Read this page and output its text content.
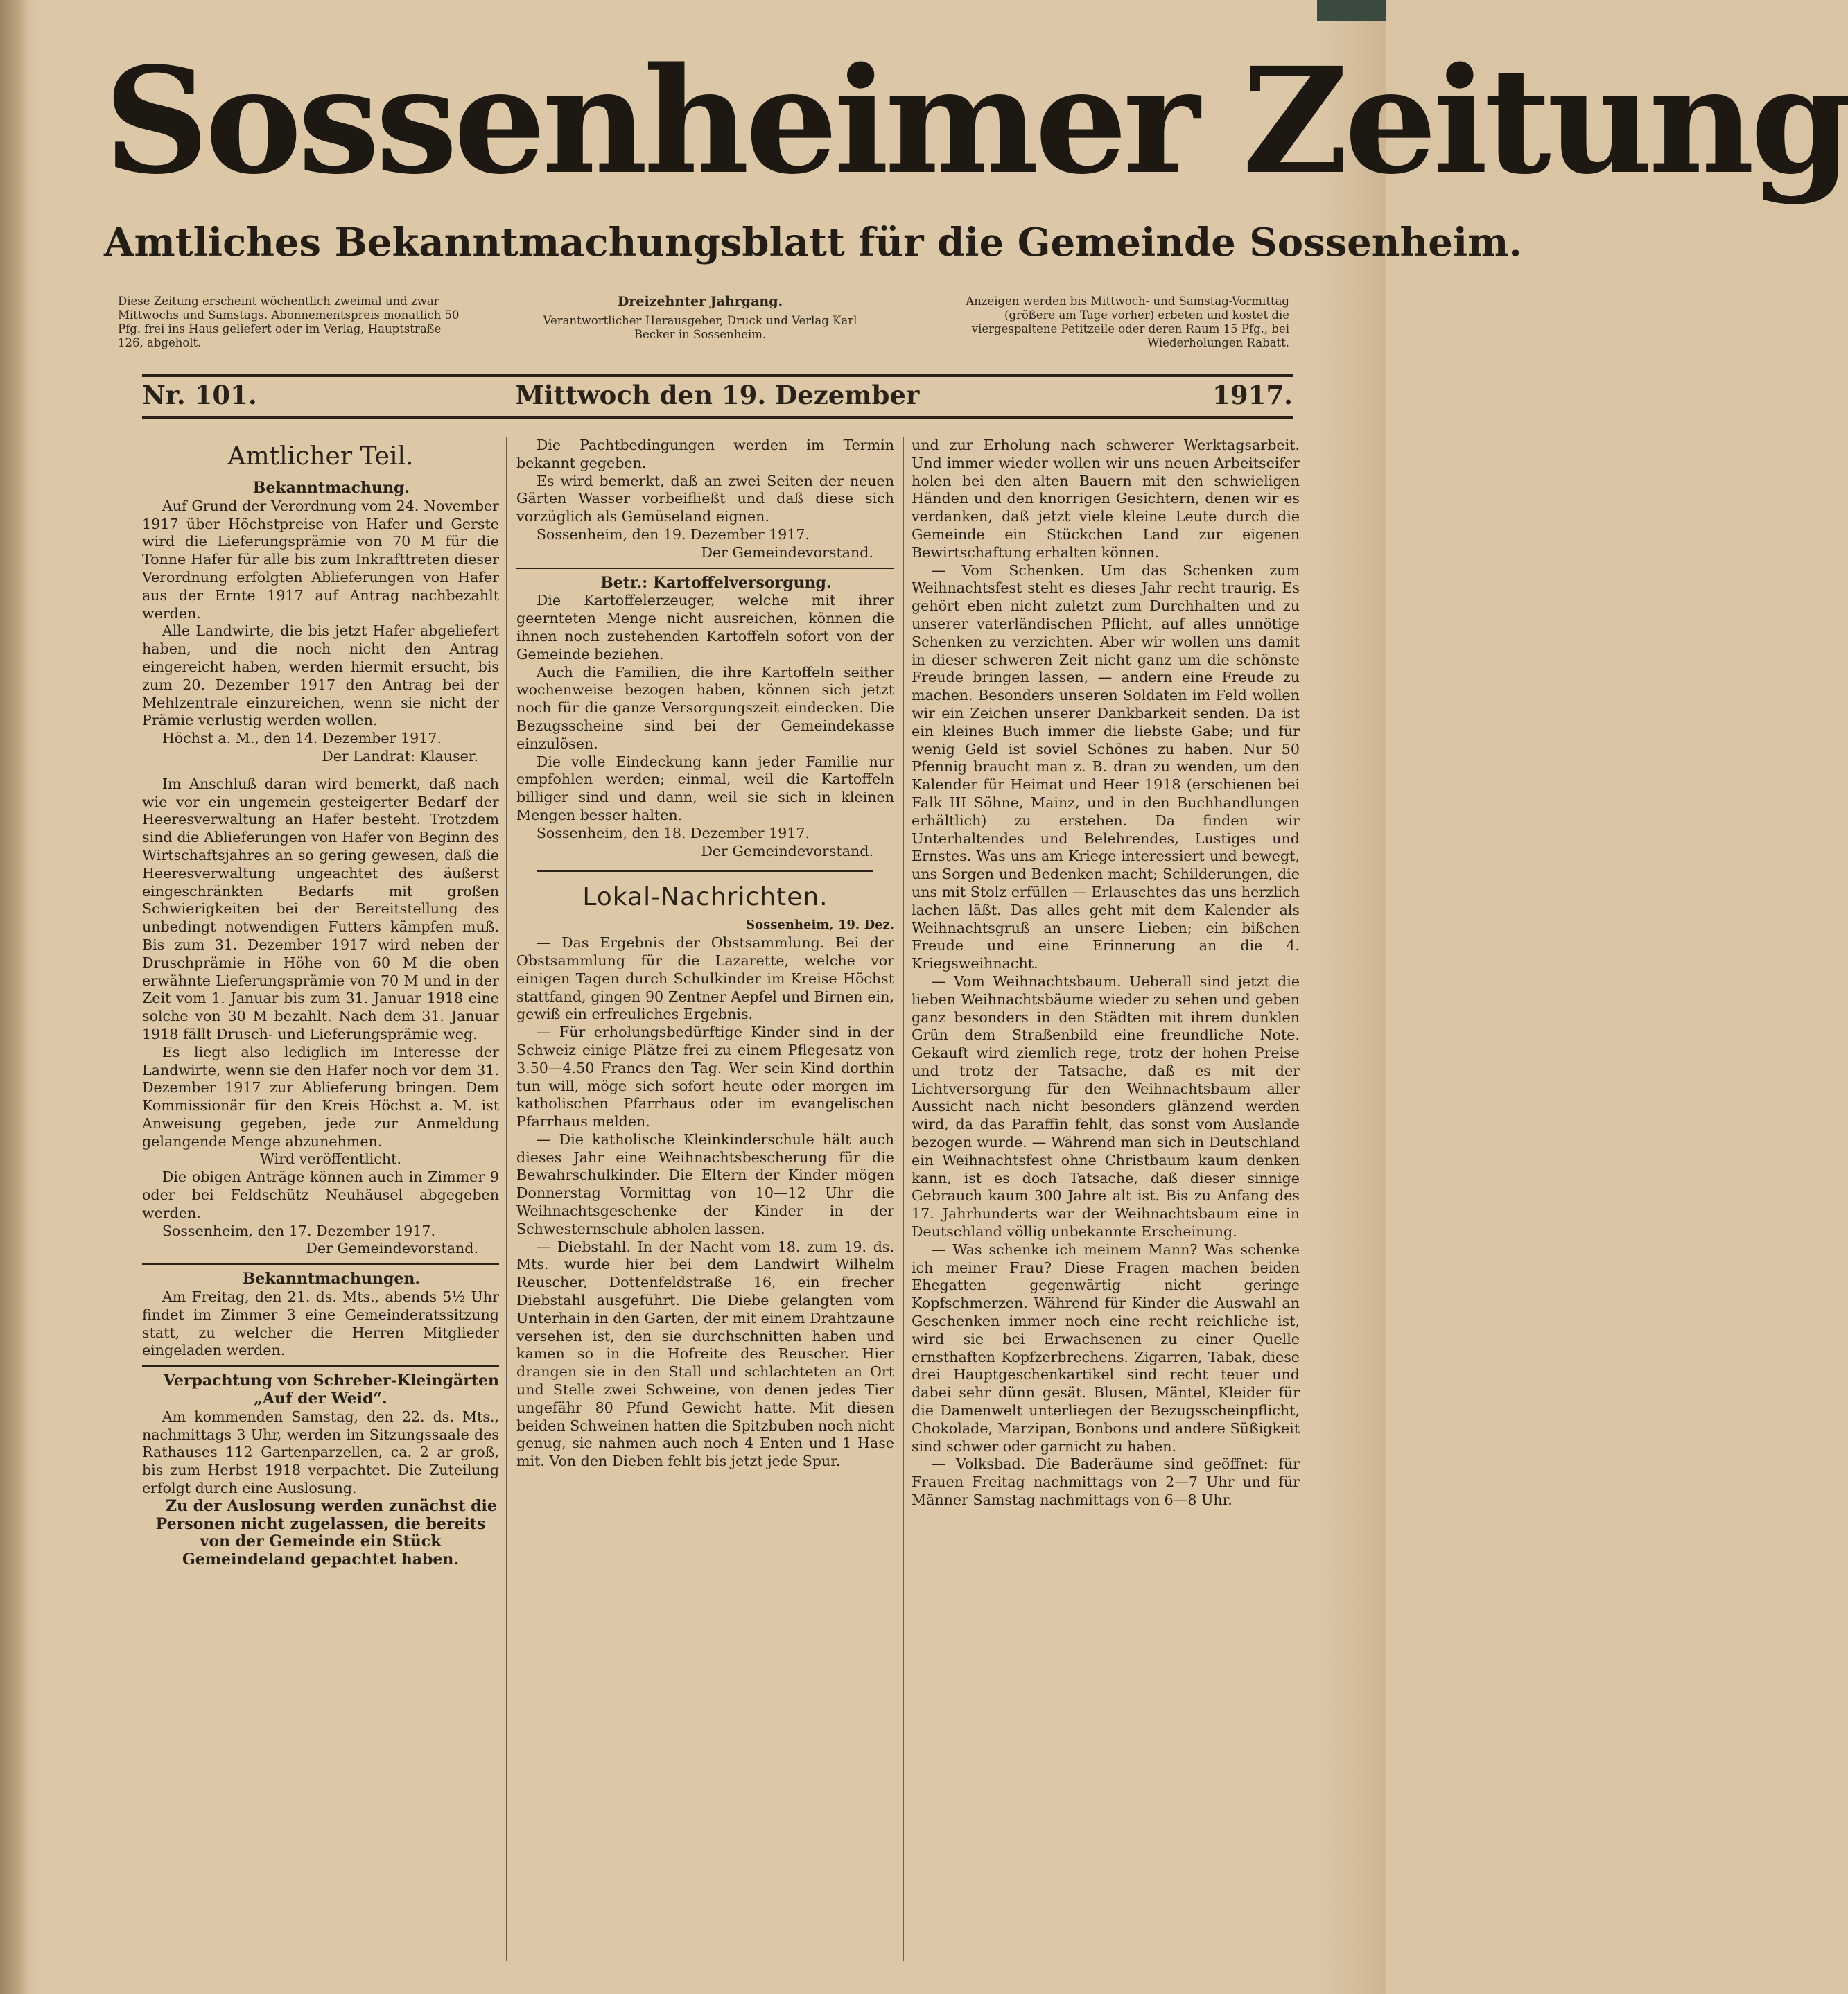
Sossenheimer Zeitung
Amtliches Bekanntmachungsblatt für die Gemeinde Sossenheim.
Diese Zeitung erscheint wöchentlich zweimal und zwar Mittwochs und Samstags. Abonnementspreis monatlich 50 Pfg. frei ins Haus geliefert oder im Verlag, Hauptstraße 126, abgeholt.
Dreizehnter Jahrgang.
Verantwortlicher Herausgeber, Druck und Verlag Karl Becker in Sossenheim.
Anzeigen werden bis Mittwoch- und Samstag-Vormittag (größere am Tage vorher) erbeten und kostet die viergespaltene Petitzeile oder deren Raum 15 Pfg., bei Wiederholungen Rabatt.
Nr. 101.	Mittwoch den 19. Dezember	1917.
Amtlicher Teil.

Bekanntmachung.

Auf Grund der Verordnung vom 24. November 1917 über Höchstpreise von Hafer und Gerste wird die Lieferungsprämie von 70 M für die Tonne Hafer für alle bis zum Inkrafttreten dieser Verordnung erfolgten Ablieferungen von Hafer aus der Ernte 1917 auf Antrag nachbezahlt werden.

Alle Landwirte, die bis jetzt Hafer abgeliefert haben, und die noch nicht den Antrag eingereicht haben, werden hiermit ersucht, bis zum 20. Dezember 1917 den Antrag bei der Mehlzentrale einzureichen, wenn sie nicht der Prämie verlustig werden wollen.

Höchst a. M., den 14. Dezember 1917.

Der Landrat: Klauser.

Im Anschluß daran wird bemerkt, daß nach wie vor ein ungemein gesteigerter Bedarf der Heeresverwaltung an Hafer besteht. Trotzdem sind die Ablieferungen von Hafer von Beginn des Wirtschaftsjahres an so gering gewesen, daß die Heeresverwaltung ungeachtet des äußerst eingeschränkten Bedarfs mit großen Schwierigkeiten bei der Bereitstellung des unbedingt notwendigen Futters kämpfen muß. Bis zum 31. Dezember 1917 wird neben der Druschprämie in Höhe von 60 M die oben erwähnte Lieferungsprämie von 70 M und in der Zeit vom 1. Januar bis zum 31. Januar 1918 eine solche von 30 M bezahlt. Nach dem 31. Januar 1918 fällt Drusch- und Lieferungsprämie weg.

Es liegt also lediglich im Interesse der Landwirte, wenn sie den Hafer noch vor dem 31. Dezember 1917 zur Ablieferung bringen. Dem Kommissionär für den Kreis Höchst a. M. ist Anweisung gegeben, jede zur Anmeldung gelangende Menge abzunehmen.

Wird veröffentlicht.

Die obigen Anträge können auch in Zimmer 9 oder bei Feldschütz Neuhäusel abgegeben werden.

Sossenheim, den 17. Dezember 1917.

Der Gemeindevorstand.

Bekanntmachungen.

Am Freitag, den 21. ds. Mts., abends 5½ Uhr findet im Zimmer 3 eine Gemeinderatssitzung statt, zu welcher die Herren Mitglieder eingeladen werden.

Verpachtung von Schreber-Kleingärten „Auf der Weid“.

Am kommenden Samstag, den 22. ds. Mts., nachmittags 3 Uhr, werden im Sitzungssaale des Rathauses 112 Gartenparzellen, ca. 2 ar groß, bis zum Herbst 1918 verpachtet. Die Zuteilung erfolgt durch eine Auslosung.

Zu der Auslosung werden zunächst die Personen nicht zugelassen, die bereits von der Gemeinde ein Stück Gemeindeland gepachtet haben.

Die Pachtbedingungen werden im Termin bekannt gegeben.

Es wird bemerkt, daß an zwei Seiten der neuen Gärten Wasser vorbeifließt und daß diese sich vorzüglich als Gemüseland eignen.

Sossenheim, den 19. Dezember 1917.

Der Gemeindevorstand.

Betr.: Kartoffelversorgung.

Die Kartoffelerzeuger, welche mit ihrer geernteten Menge nicht ausreichen, können die ihnen noch zustehenden Kartoffeln sofort von der Gemeinde beziehen.

Auch die Familien, die ihre Kartoffeln seither wochenweise bezogen haben, können sich jetzt noch für die ganze Versorgungszeit eindecken. Die Bezugsscheine sind bei der Gemeindekasse einzulösen.

Die volle Eindeckung kann jeder Familie nur empfohlen werden; einmal, weil die Kartoffeln billiger sind und dann, weil sie sich in kleinen Mengen besser halten.

Sossenheim, den 18. Dezember 1917.

Der Gemeindevorstand.

Lokal-Nachrichten.

Sossenheim, 19. Dez.

— Das Ergebnis der Obstsammlung. Bei der Obstsammlung für die Lazarette, welche vor einigen Tagen durch Schulkinder im Kreise Höchst stattfand, gingen 90 Zentner Aepfel und Birnen ein, gewiß ein erfreuliches Ergebnis.

— Für erholungsbedürftige Kinder sind in der Schweiz einige Plätze frei zu einem Pflegesatz von 3.50—4.50 Francs den Tag. Wer sein Kind dorthin tun will, möge sich sofort heute oder morgen im katholischen Pfarrhaus oder im evangelischen Pfarrhaus melden.

— Die katholische Kleinkinderschule hält auch dieses Jahr eine Weihnachtsbescherung für die Bewahrschulkinder. Die Eltern der Kinder mögen Donnerstag Vormittag von 10—12 Uhr die Weihnachtsgeschenke der Kinder in der Schwesternschule abholen lassen.

— Diebstahl. In der Nacht vom 18. zum 19. ds. Mts. wurde hier bei dem Landwirt Wilhelm Reuscher, Dottenfeldstraße 16, ein frecher Diebstahl ausgeführt. Die Diebe gelangten vom Unterhain in den Garten, der mit einem Drahtzaune versehen ist, den sie durchschnitten haben und kamen so in die Hofreite des Reuscher. Hier drangen sie in den Stall und schlachteten an Ort und Stelle zwei Schweine, von denen jedes Tier ungefähr 80 Pfund Gewicht hatte. Mit diesen beiden Schweinen hatten die Spitzbuben noch nicht genug, sie nahmen auch noch 4 Enten und 1 Hase mit. Von den Dieben fehlt bis jetzt jede Spur.

und zur Erholung nach schwerer Werktagsarbeit. Und immer wieder wollen wir uns neuen Arbeitseifer holen bei den alten Bauern mit den schwieligen Händen und den knorrigen Gesichtern, denen wir es verdanken, daß jetzt viele kleine Leute durch die Gemeinde ein Stückchen Land zur eigenen Bewirtschaftung erhalten können.

— Vom Schenken. Um das Schenken zum Weihnachtsfest steht es dieses Jahr recht traurig. Es gehört eben nicht zuletzt zum Durchhalten und zu unserer vaterländischen Pflicht, auf alles unnötige Schenken zu verzichten. Aber wir wollen uns damit in dieser schweren Zeit nicht ganz um die schönste Freude bringen lassen, — andern eine Freude zu machen. Besonders unseren Soldaten im Feld wollen wir ein Zeichen unserer Dankbarkeit senden. Da ist ein kleines Buch immer die liebste Gabe; und für wenig Geld ist soviel Schönes zu haben. Nur 50 Pfennig braucht man z. B. dran zu wenden, um den Kalender für Heimat und Heer 1918 (erschienen bei Falk III Söhne, Mainz, und in den Buchhandlungen erhältlich) zu erstehen. Da finden wir Unterhaltendes und Belehrendes, Lustiges und Ernstes. Was uns am Kriege interessiert und bewegt, uns Sorgen und Bedenken macht; Schilderungen, die uns mit Stolz erfüllen — Erlauschtes das uns herzlich lachen läßt. Das alles geht mit dem Kalender als Weihnachtsgruß an unsere Lieben; ein bißchen Freude und eine Erinnerung an die 4. Kriegsweihnacht.

— Vom Weihnachtsbaum. Ueberall sind jetzt die lieben Weihnachtsbäume wieder zu sehen und geben ganz besonders in den Städten mit ihrem dunklen Grün dem Straßenbild eine freundliche Note. Gekauft wird ziemlich rege, trotz der hohen Preise und trotz der Tatsache, daß es mit der Lichtversorgung für den Weihnachtsbaum aller Aussicht nach nicht besonders glänzend werden wird, da das Paraffin fehlt, das sonst vom Auslande bezogen wurde. — Während man sich in Deutschland ein Weihnachtsfest ohne Christbaum kaum denken kann, ist es doch Tatsache, daß dieser sinnige Gebrauch kaum 300 Jahre alt ist. Bis zu Anfang des 17. Jahrhunderts war der Weihnachtsbaum eine in Deutschland völlig unbekannte Erscheinung.

— Was schenke ich meinem Mann? Was schenke ich meiner Frau? Diese Fragen machen beiden Ehegatten gegenwärtig nicht geringe Kopfschmerzen. Während für Kinder die Auswahl an Geschenken immer noch eine recht reichliche ist, wird sie bei Erwachsenen zu einer Quelle ernsthaften Kopfzerbrechens. Zigarren, Tabak, diese drei Hauptgeschenkartikel sind recht teuer und dabei sehr dünn gesät. Blusen, Mäntel, Kleider für die Damenwelt unterliegen der Bezugsscheinpflicht, Chokolade, Marzipan, Bonbons und andere Süßigkeit sind schwer oder garnicht zu haben.

— Volksbad. Die Baderäume sind geöffnet: für Frauen Freitag nachmittags von 2—7 Uhr und für Männer Samstag nachmittags von 6—8 Uhr.
